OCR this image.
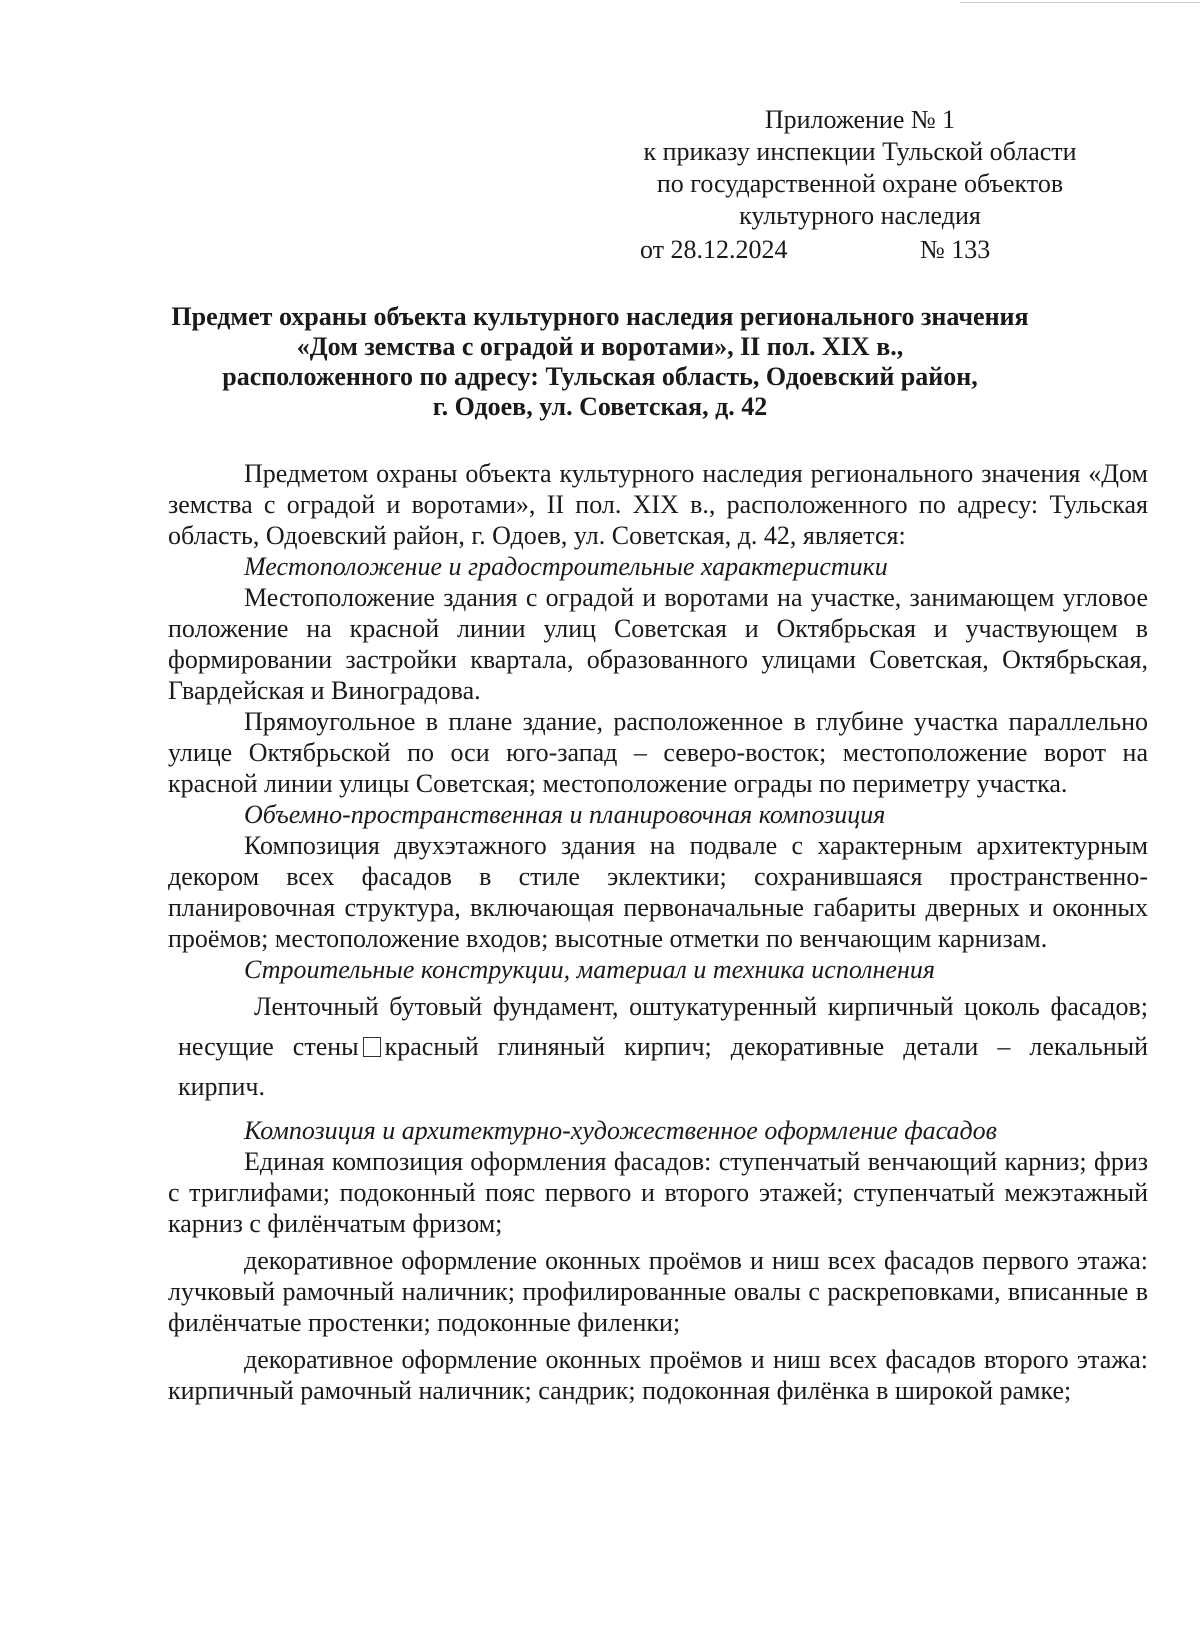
Приложение № 1
к приказу инспекции Тульской области
по государственной охране объектов
культурного наследия
от 28.12.2024	№ 133
Предмет охраны объекта культурного наследия регионального значения
«Дом земства с оградой и воротами», II пол. XIX в.,
расположенного по адресу: Тульская область, Одоевский район,
г. Одоев, ул. Советская, д. 42

Предметом охраны объекта культурного наследия регионального значения «Дом земства с оградой и воротами», II пол. XIX в., расположенного по адресу: Тульская область, Одоевский район, г. Одоев, ул. Советская, д. 42, является:

Местоположение и градостроительные характеристики

Местоположение здания с оградой и воротами на участке, занимающем угловое положение на красной линии улиц Советская и Октябрьская и участвующем в формировании застройки квартала, образованного улицами Советская, Октябрьская, Гвардейская и Виноградова.

Прямоугольное в плане здание, расположенное в глубине участка параллельно улице Октябрьской по оси юго-запад – северо-восток; местоположение ворот на красной линии улицы Советская; местоположение ограды по периметру участка.

Объемно-пространственная и планировочная композиция

Композиция двухэтажного здания на подвале с характерным архитектурным декором всех фасадов в стиле эклектики; сохранившаяся пространственно- планировочная структура, включающая первоначальные габариты дверных и оконных проёмов; местоположение входов; высотные отметки по венчающим карнизам.

Строительные конструкции, материал и техника исполнения

Ленточный бутовый фундамент, оштукатуренный кирпичный цоколь фасадов; несущие стены красный глиняный кирпич; декоративные детали – лекальный кирпич.

Композиция и архитектурно-художественное оформление фасадов

Единая композиция оформления фасадов: ступенчатый венчающий карниз; фриз с триглифами; подоконный пояс первого и второго этажей; ступенчатый межэтажный карниз с филёнчатым фризом;

декоративное оформление оконных проёмов и ниш всех фасадов первого этажа: лучковый рамочный наличник; профилированные овалы с раскреповками, вписанные в филёнчатые простенки; подоконные филенки;

декоративное оформление оконных проёмов и ниш всех фасадов второго этажа: кирпичный рамочный наличник; сандрик; подоконная филёнка в широкой рамке;
